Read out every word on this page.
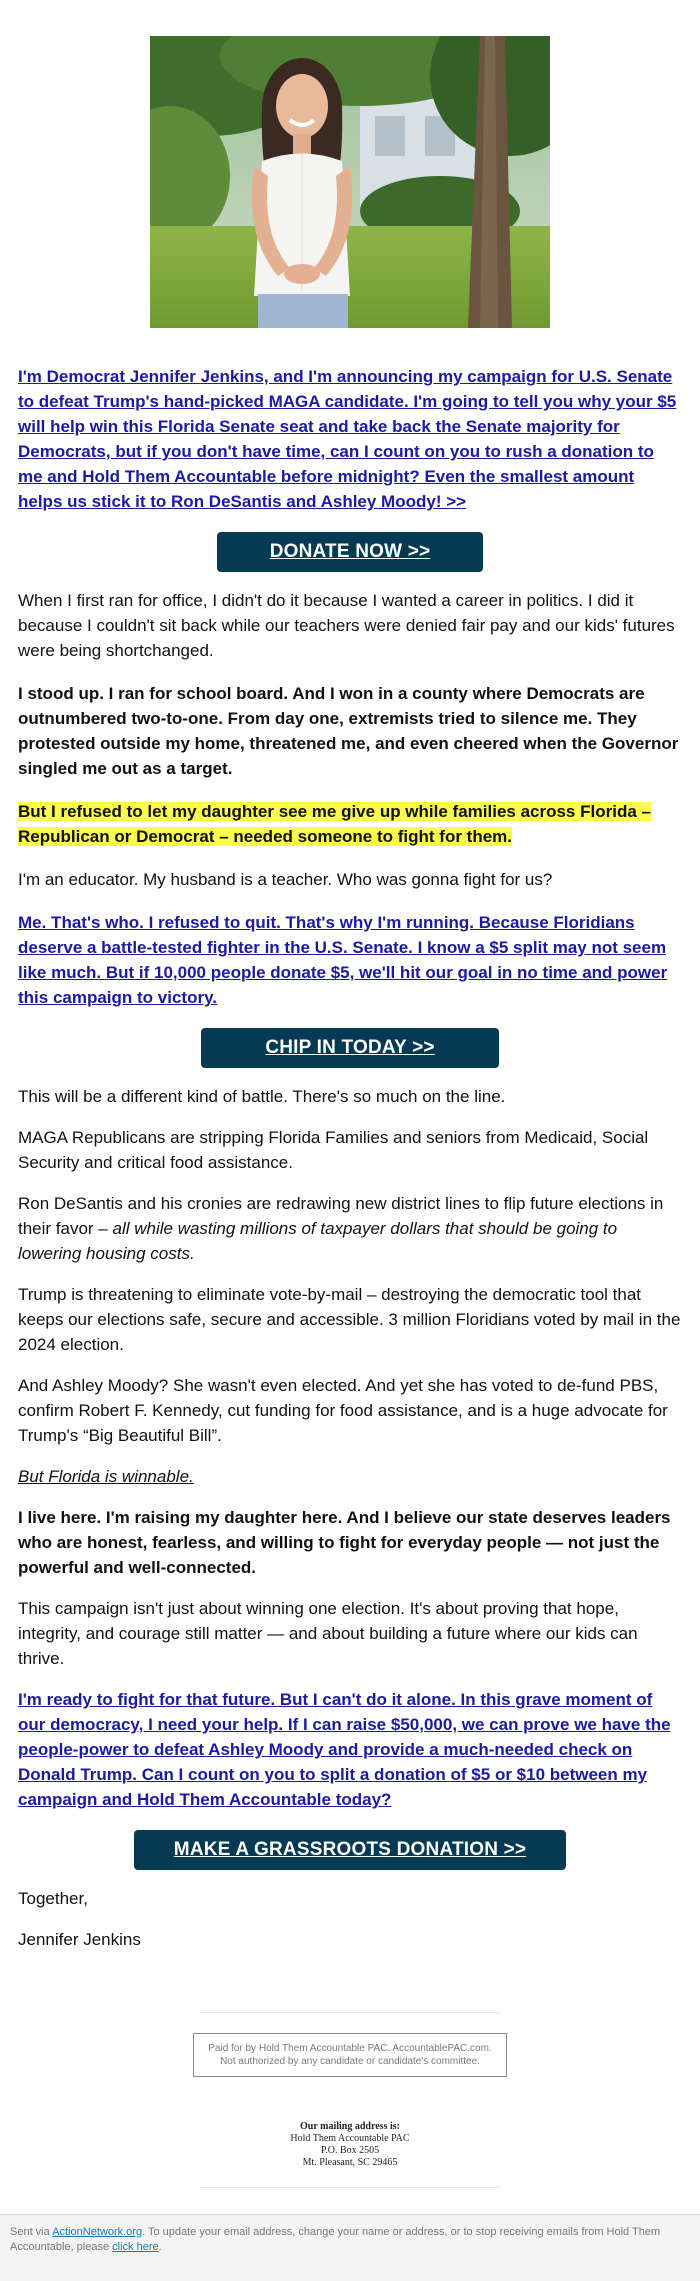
I'm Democrat Jennifer Jenkins, and I'm announcing my campaign for U.S. Senate to defeat Trump's hand-picked MAGA candidate. I'm going to tell you why your $5 will help win this Florida Senate seat and take back the Senate majority for Democrats, but if you don't have time, can I count on you to rush a donation to me and Hold Them Accountable before midnight? Even the smallest amount helps us stick it to Ron DeSantis and Ashley Moody! >>

DONATE NOW >>

When I first ran for office, I didn't do it because I wanted a career in politics. I did it because I couldn't sit back while our teachers were denied fair pay and our kids' futures were being shortchanged.

I stood up. I ran for school board. And I won in a county where Democrats are outnumbered two-to-one. From day one, extremists tried to silence me. They protested outside my home, threatened me, and even cheered when the Governor singled me out as a target.

But I refused to let my daughter see me give up while families across Florida – Republican or Democrat – needed someone to fight for them.

I'm an educator. My husband is a teacher. Who was gonna fight for us?

Me. That's who. I refused to quit. That's why I'm running. Because Floridians deserve a battle-tested fighter in the U.S. Senate. I know a $5 split may not seem like much. But if 10,000 people donate $5, we'll hit our goal in no time and power this campaign to victory.

CHIP IN TODAY >>

This will be a different kind of battle. There's so much on the line.

MAGA Republicans are stripping Florida Families and seniors from Medicaid, Social Security and critical food assistance.

Ron DeSantis and his cronies are redrawing new district lines to flip future elections in their favor – all while wasting millions of taxpayer dollars that should be going to lowering housing costs.

Trump is threatening to eliminate vote-by-mail – destroying the democratic tool that keeps our elections safe, secure and accessible. 3 million Floridians voted by mail in the 2024 election.

And Ashley Moody? She wasn't even elected. And yet she has voted to de-fund PBS, confirm Robert F. Kennedy, cut funding for food assistance, and is a huge advocate for Trump's “Big Beautiful Bill”.

But Florida is winnable.

I live here. I'm raising my daughter here. And I believe our state deserves leaders who are honest, fearless, and willing to fight for everyday people — not just the powerful and well-connected.

This campaign isn't just about winning one election. It's about proving that hope, integrity, and courage still matter — and about building a future where our kids can thrive.

I'm ready to fight for that future. But I can't do it alone. In this grave moment of our democracy, I need your help. If I can raise $50,000, we can prove we have the people-power to defeat Ashley Moody and provide a much-needed check on Donald Trump. Can I count on you to split a donation of $5 or $10 between my campaign and Hold Them Accountable today?

MAKE A GRASSROOTS DONATION >>

Together,

Jennifer Jenkins

Paid for by Hold Them Accountable PAC. AccountablePAC.com. Not authorized by any candidate or candidate's committee.
Our mailing address is:
Hold Them Accountable PAC
P.O. Box 2505
Mt. Pleasant, SC 29465
Sent via ActionNetwork.org. To update your email address, change your name or address, or to stop receiving emails from Hold Them Accountable, please click here.
